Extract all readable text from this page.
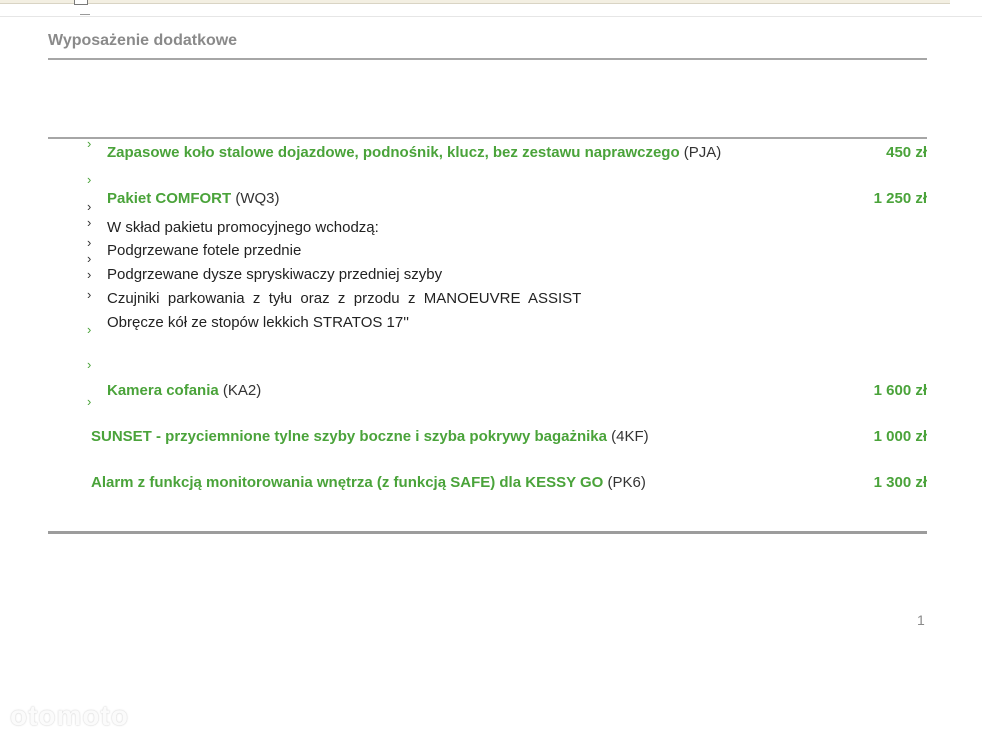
Wyposażenie dodatkowe
›
›
›
›
›
›
›
›
›
›
›
Zapasowe koło stalowe dojazdowe, podnośnik, klucz, bez zestawu naprawczego (PJA)	450 zł
Pakiet COMFORT (WQ3)	1 250 zł
W skład pakietu promocyjnego wchodzą:
Podgrzewane fotele przednie
Podgrzewane dysze spryskiwaczy przedniej szyby
Czujniki  parkowania  z  tyłu  oraz  z  przodu  z  MANOEUVRE  ASSIST
Obręcze kół ze stopów lekkich STRATOS 17''
Kamera cofania (KA2)	1 600 zł
SUNSET - przyciemnione tylne szyby boczne i szyba pokrywy bagażnika (4KF)	1 000 zł
Alarm z funkcją monitorowania wnętrza (z funkcją SAFE) dla KESSY GO (PK6)	1 300 zł
1
otomoto
